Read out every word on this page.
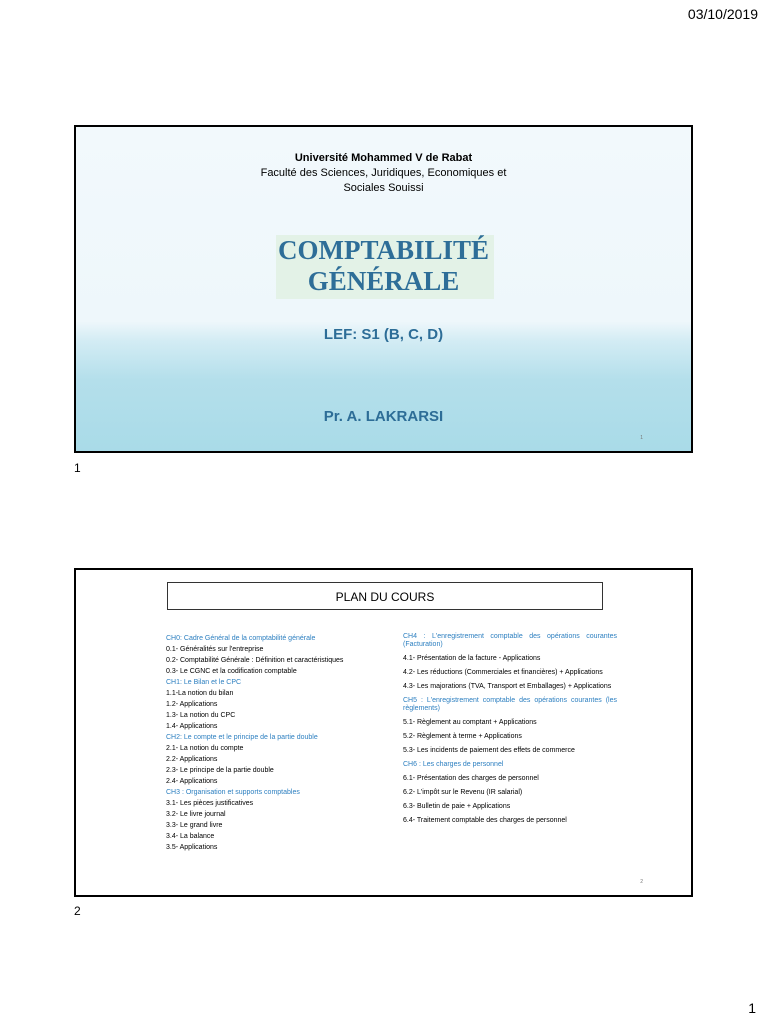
03/10/2019
Université Mohammed V de Rabat
Faculté des Sciences, Juridiques, Economiques et
Sociales Souissi
COMPTABILITÉ
GÉNÉRALE
LEF: S1 (B, C, D)
Pr. A. LAKRARSI
1
1
PLAN DU COURS
CH0: Cadre Général de la comptabilité générale
0.1- Généralités sur l'entreprise
0.2- Comptabilité Générale : Définition et caractéristiques
0.3- Le CGNC et la codification comptable
CH1: Le Bilan et le CPC
1.1-La notion du bilan
1.2- Applications
1.3- La notion du CPC
1.4- Applications
CH2: Le compte et le principe de la partie double
2.1- La notion du compte
2.2- Applications
2.3- Le principe de la partie double
2.4- Applications
CH3 : Organisation et supports comptables
3.1- Les pièces justificatives
3.2- Le livre journal
3.3- Le grand livre
3.4- La balance
3.5- Applications
CH4 : L'enregistrement comptable des opérations courantes (Facturation)
4.1- Présentation de la facture - Applications
4.2- Les réductions (Commerciales et financières) + Applications
4.3- Les majorations (TVA, Transport et Emballages) + Applications
CH5 : L'enregistrement comptable des opérations courantes (les règlements)
5.1- Règlement au comptant + Applications
5.2- Règlement à terme + Applications
5.3- Les incidents de paiement des effets de commerce
CH6 : Les charges de personnel
6.1- Présentation des charges de personnel
6.2- L'impôt sur le Revenu (IR salarial)
6.3- Bulletin de paie + Applications
6.4- Traitement comptable des charges de personnel
2
2
1
